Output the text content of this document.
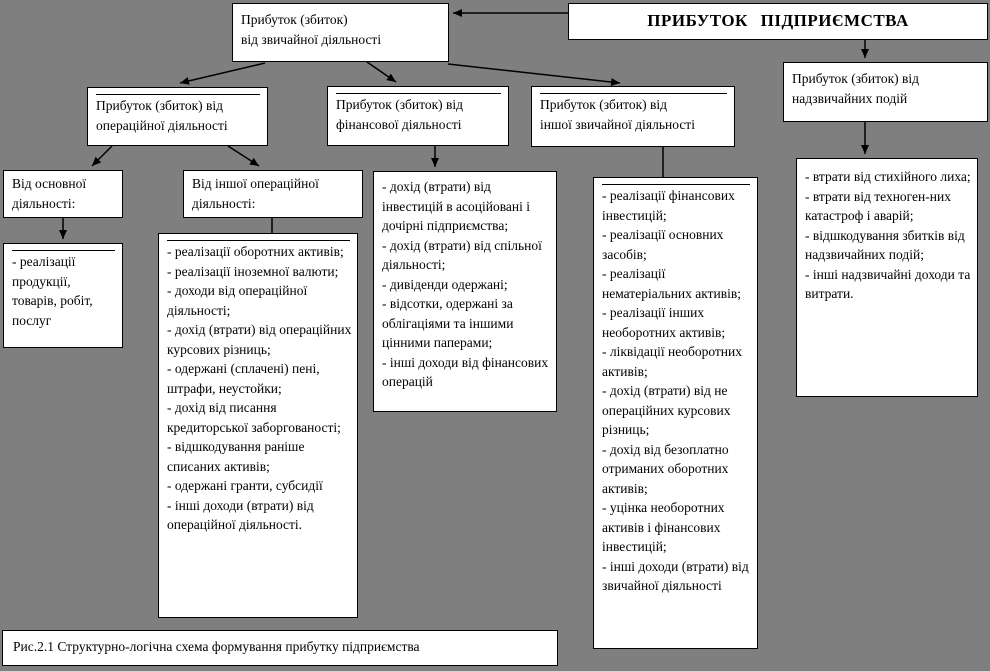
ПРИБУТОК ПІДПРИЄМСТВА
Прибуток (збиток)
від звичайної діяльності
Прибуток (збиток) від
надзвичайних подій
Прибуток (збиток) від
операційної діяльності
Прибуток (збиток) від
фінансової діяльності
Прибуток (збиток) від
іншої звичайної діяльності
Від основної
діяльності:
Від іншої операційної
діяльності:
- реалізації продукції, товарів, робіт, послуг
- реалізації оборотних активів;
- реалізації іноземної валюти;
- доходи від операційної діяльності;
- дохід (втрати) від операційних курсових різниць;
- одержані (сплачені) пені, штрафи, неустойки;
- дохід від писання кредиторської заборгованості;
- відшкодування раніше списаних активів;
- одержані гранти, субсидії
- інші доходи (втрати) від операційної діяльності.
- дохід (втрати) від інвестицій в асоційовані і дочірні підприємства;
- дохід (втрати) від спільної діяльності;
- дивіденди одержані;
- відсотки, одержані за облігаціями та іншими цінними паперами;
- інші доходи від фінансових операцій
- реалізації фінансових інвестицій;
- реалізації основних засобів;
- реалізації нематеріальних активів;
- реалізації інших необоротних активів;
- ліквідації необоротних активів;
- дохід (втрати) від не операційних курсових різниць;
- дохід від безоплатно отриманих оборотних активів;
- уцінка необоротних активів і фінансових інвестицій;
- інші доходи (втрати) від звичайної діяльності
- втрати від стихійного лиха;
- втрати від техноген-них катастроф і аварій;
- відшкодування збитків від надзвичайних подій;
- інші надзвичайні доходи та витрати.
Рис.2.1 Структурно-логічна схема формування прибутку підприємства
